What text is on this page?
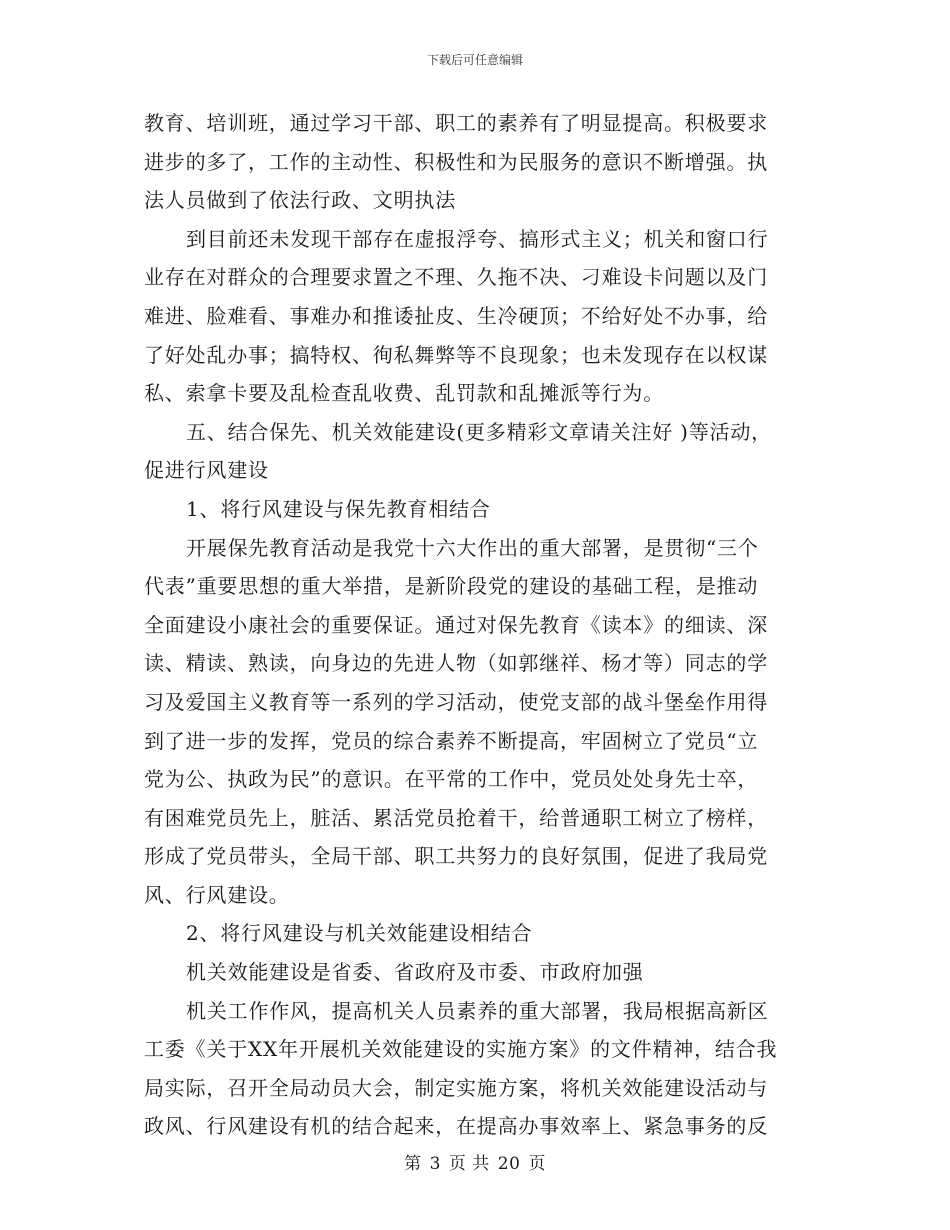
下载后可任意编辑
教育、培训班，通过学习干部、职工的素养有了明显提高。积极要求
进步的多了，工作的主动性、积极性和为民服务的意识不断增强。执
法人员做到了依法行政、文明执法
到目前还未发现干部存在虚报浮夸、搞形式主义；机关和窗口行
业存在对群众的合理要求置之不理、久拖不决、刁难设卡问题以及门
难进、脸难看、事难办和推诿扯皮、生冷硬顶；不给好处不办事，给
了好处乱办事；搞特权、徇私舞弊等不良现象；也未发现存在以权谋
私、索拿卡要及乱检查乱收费、乱罚款和乱摊派等行为。
五、结合保先、机关效能建设(更多精彩文章请关注好 )等活动，
促进行风建设
1、将行风建设与保先教育相结合
开展保先教育活动是我党十六大作出的重大部署，是贯彻“三个
代表”重要思想的重大举措，是新阶段党的建设的基础工程，是推动
全面建设小康社会的重要保证。通过对保先教育《读本》的细读、深
读、精读、熟读，向身边的先进人物（如郭继祥、杨才等）同志的学
习及爱国主义教育等一系列的学习活动，使党支部的战斗堡垒作用得
到了进一步的发挥，党员的综合素养不断提高，牢固树立了党员“立
党为公、执政为民”的意识。在平常的工作中，党员处处身先士卒，
有困难党员先上，脏活、累活党员抢着干，给普通职工树立了榜样，
形成了党员带头，全局干部、职工共努力的良好氛围，促进了我局党
风、行风建设。
2、将行风建设与机关效能建设相结合
机关效能建设是省委、省政府及市委、市政府加强
机关工作作风，提高机关人员素养的重大部署，我局根据高新区
工委《关于XX年开展机关效能建设的实施方案》的文件精神，结合我
局实际，召开全局动员大会，制定实施方案，将机关效能建设活动与
政风、行风建设有机的结合起来，在提高办事效率上、紧急事务的反
第 3 页 共 20 页
